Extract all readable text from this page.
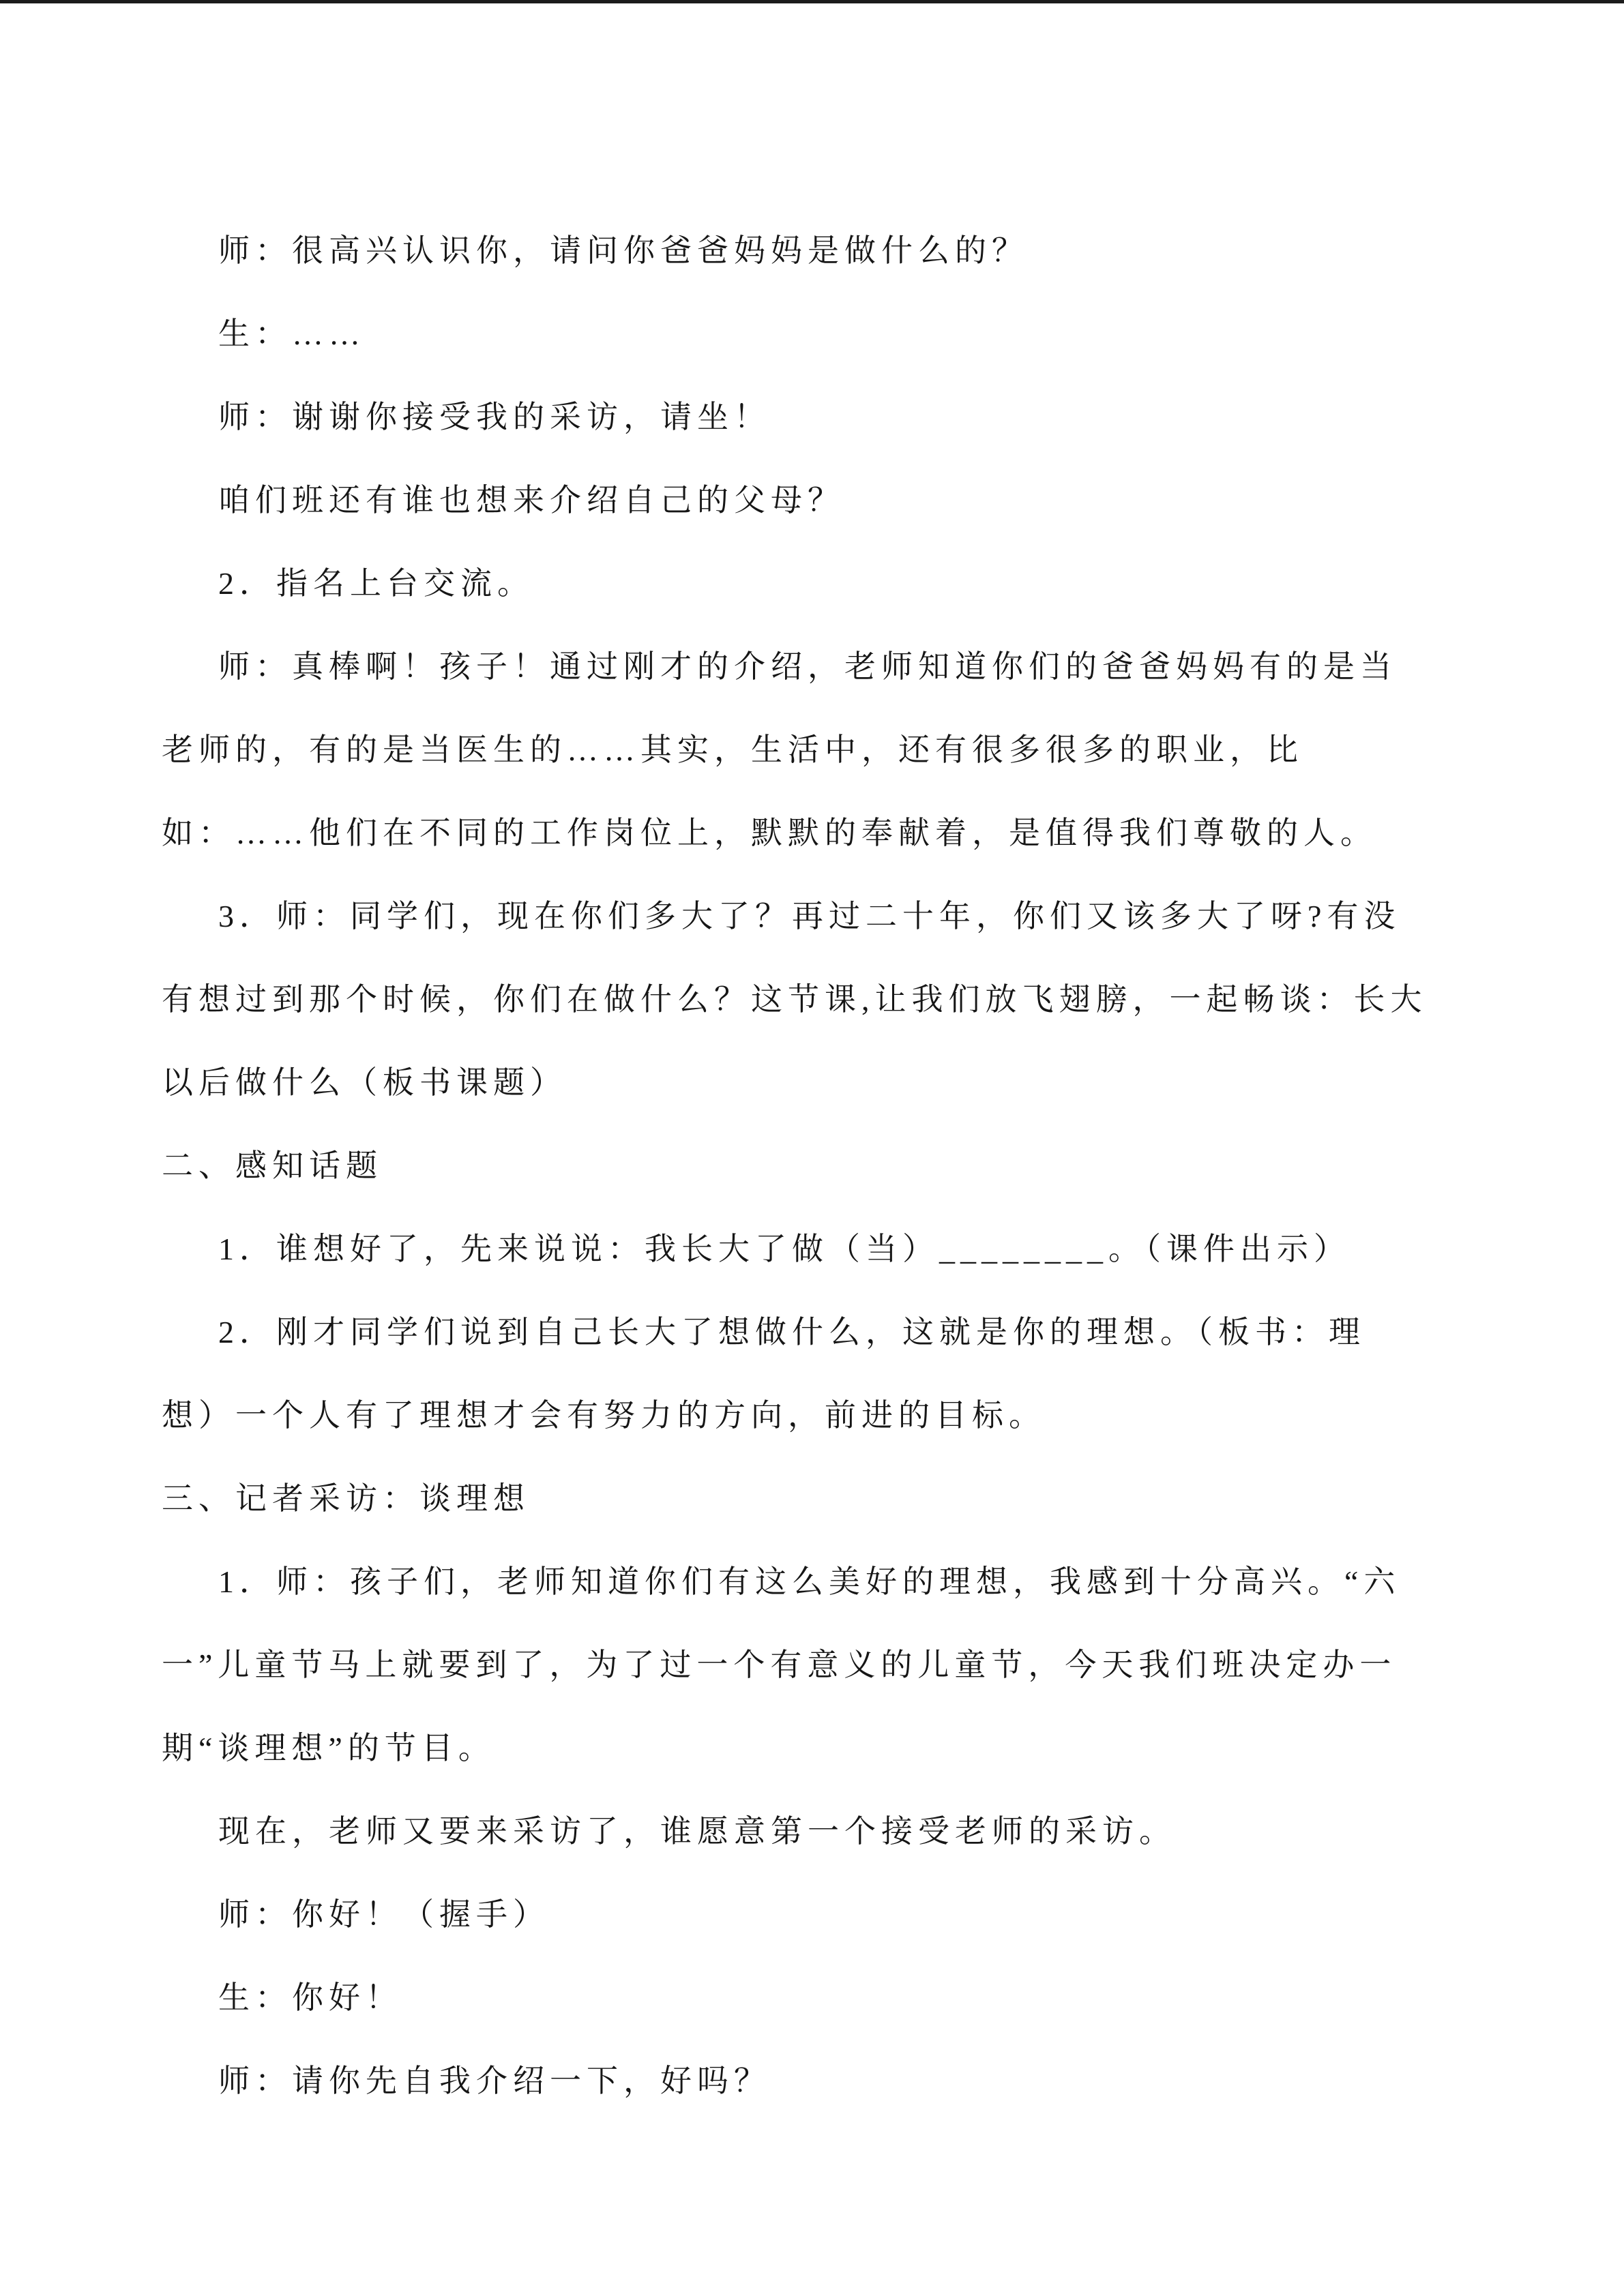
师：很高兴认识你，请问你爸爸妈妈是做什么的？
生：……
师：谢谢你接受我的采访，请坐！
咱们班还有谁也想来介绍自己的父母？
2．指名上台交流。
师：真棒啊！孩子！通过刚才的介绍，老师知道你们的爸爸妈妈有的是当
老师的，有的是当医生的……其实，生活中，还有很多很多的职业，比
如：……他们在不同的工作岗位上，默默的奉献着，是值得我们尊敬的人。
3．师：同学们，现在你们多大了？再过二十年，你们又该多大了呀?有没
有想过到那个时候，你们在做什么？这节课,让我们放飞翅膀，一起畅谈：长大
以后做什么（板书课题）
二、感知话题
1．谁想好了，先来说说：我长大了做（当）________。（课件出示）
2．刚才同学们说到自己长大了想做什么，这就是你的理想。（板书：理
想）一个人有了理想才会有努力的方向，前进的目标。
三、记者采访：谈理想
1．师：孩子们，老师知道你们有这么美好的理想，我感到十分高兴。“六
一”儿童节马上就要到了，为了过一个有意义的儿童节，今天我们班决定办一
期“谈理想”的节目。
现在，老师又要来采访了，谁愿意第一个接受老师的采访。
师：你好！（握手）
生：你好！
师：请你先自我介绍一下，好吗？
